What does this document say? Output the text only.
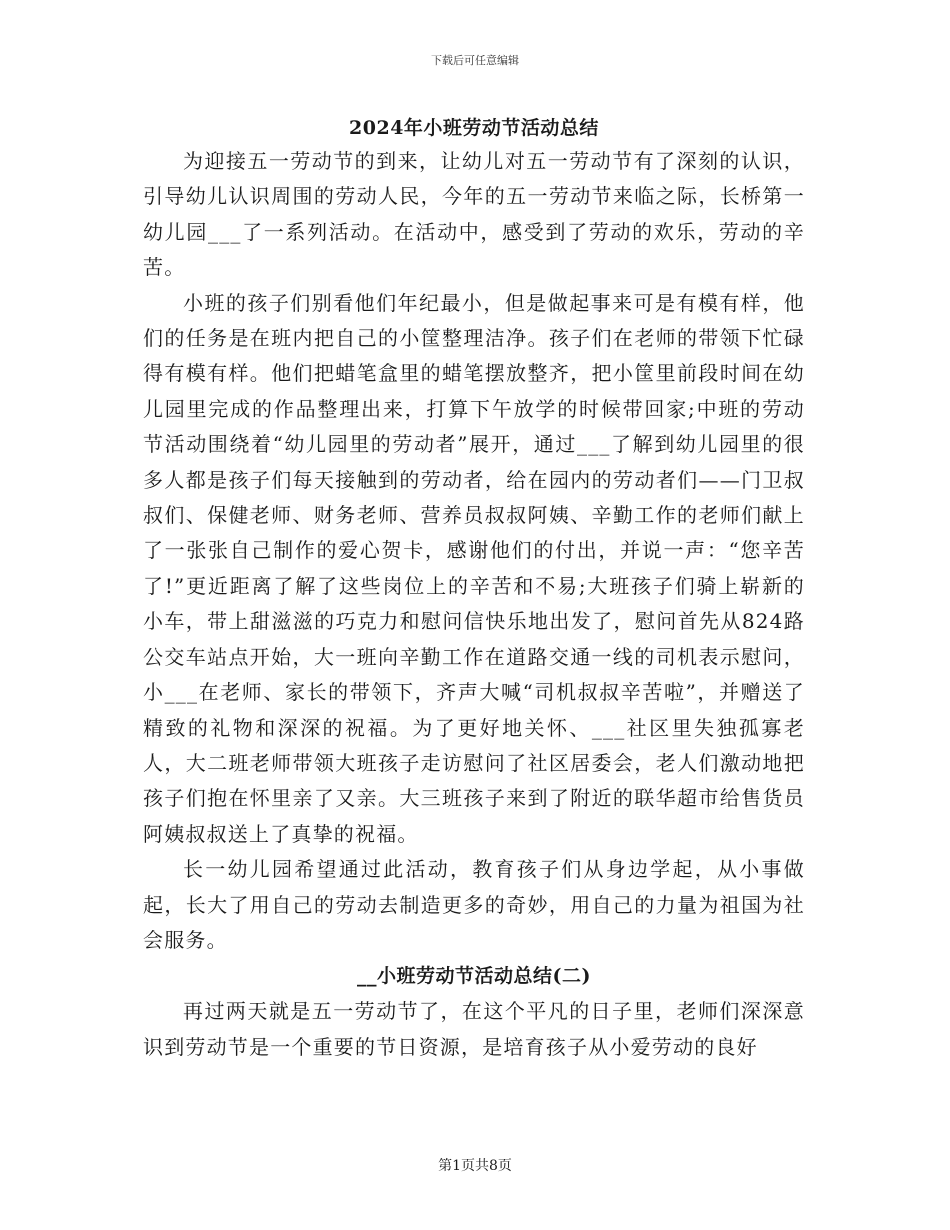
下载后可任意编辑
2024年小班劳动节活动总结

为迎接五一劳动节的到来，让幼儿对五一劳动节有了深刻的认识，引导幼儿认识周围的劳动人民，今年的五一劳动节来临之际，长桥第一幼儿园___了一系列活动。在活动中，感受到了劳动的欢乐，劳动的辛苦。

小班的孩子们别看他们年纪最小，但是做起事来可是有模有样，他们的任务是在班内把自己的小筐整理洁净。孩子们在老师的带领下忙碌得有模有样。他们把蜡笔盒里的蜡笔摆放整齐，把小筐里前段时间在幼儿园里完成的作品整理出来，打算下午放学的时候带回家;中班的劳动节活动围绕着“幼儿园里的劳动者”展开，通过___了解到幼儿园里的很多人都是孩子们每天接触到的劳动者，给在园内的劳动者们——门卫叔叔们、保健老师、财务老师、营养员叔叔阿姨、辛勤工作的老师们献上了一张张自己制作的爱心贺卡，感谢他们的付出，并说一声：“您辛苦了!”更近距离了解了这些岗位上的辛苦和不易;大班孩子们骑上崭新的小车，带上甜滋滋的巧克力和慰问信快乐地出发了，慰问首先从824路公交车站点开始，大一班向辛勤工作在道路交通一线的司机表示慰问，小___在老师、家长的带领下，齐声大喊“司机叔叔辛苦啦”，并赠送了精致的礼物和深深的祝福。为了更好地关怀、___社区里失独孤寡老人，大二班老师带领大班孩子走访慰问了社区居委会，老人们激动地把孩子们抱在怀里亲了又亲。大三班孩子来到了附近的联华超市给售货员阿姨叔叔送上了真挚的祝福。

长一幼儿园希望通过此活动，教育孩子们从身边学起，从小事做起，长大了用自己的劳动去制造更多的奇妙，用自己的力量为祖国为社会服务。

__小班劳动节活动总结(二)

再过两天就是五一劳动节了，在这个平凡的日子里，老师们深深意识到劳动节是一个重要的节日资源，是培育孩子从小爱劳动的良好

第1页共8页
